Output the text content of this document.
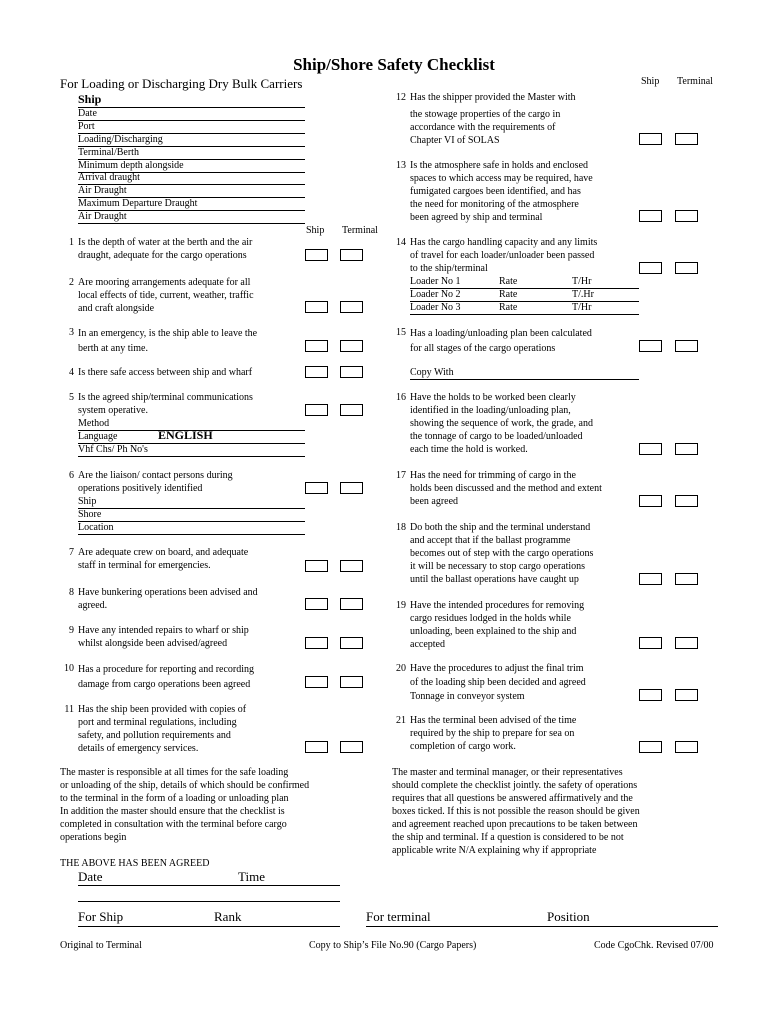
Ship/Shore Safety Checklist
For Loading or Discharging Dry Bulk Carriers	Ship Terminal
Ship
Date
Port
Loading/Discharging
Terminal/Berth
Minimum depth alongside
Arrival draught
Air Draught
Maximum Departure Draught
Air Draught
Ship Terminal
1 Is the depth of water at the berth and the air
draught, adequate for the cargo operations
2 Are mooring arrangements adequate for all
local effects of tide, current, weather, traffic
and craft alongside
3 In an emergency, is the ship able to leave the
berth at any time.
4 Is there safe access between ship and wharf
5 Is the agreed ship/terminal communications
system operative.
Method
Language	ENGLISH
Vhf Chs/ Ph No's
6 Are the liaison/ contact persons during
operations positively identified
Ship
Shore
Location
7 Are adequate crew on board, and adequate
staff in terminal for emergencies.
8 Have bunkering operations been advised and
agreed.
9 Have any intended repairs to wharf or ship
whilst alongside been advised/agreed
10 Has a procedure for reporting and recording
damage from cargo operations been agreed
11 Has the ship been provided with copies of
port and terminal regulations, including
safety, and pollution requirements and
details of emergency services.
12 Has the shipper provided the Master with
the stowage properties of the cargo in
accordance with the requirements of
Chapter VI of SOLAS
13 Is the atmosphere safe in holds and enclosed
spaces to which access may be required, have
fumigated cargoes been identified, and has
the need for monitoring of the atmosphere
been agreed by ship and terminal
14 Has the cargo handling capacity and any limits
of travel for each loader/unloader been passed
to the ship/terminal
Loader No 1	Rate	T/Hr
Loader No 2	Rate	T/.Hr
Loader No 3	Rate	T/Hr
15 Has a loading/unloading plan been calculated
for all stages of the cargo operations
Copy With
16 Have the holds to be worked been clearly
identified in the loading/unloading plan,
showing the sequence of work, the grade, and
the tonnage of cargo to be loaded/unloaded
each time the hold is worked.
17 Has the need for trimming of cargo in the
holds been discussed and the method and extent
been agreed
18 Do both the ship and the terminal understand
and accept that if the ballast programme
becomes out of step with the cargo operations
it will be necessary to stop cargo operations
until the ballast operations have caught up
19 Have the intended procedures for removing
cargo residues lodged in the holds while
unloading, been explained to the ship and
accepted
20 Have the procedures to adjust the final trim
of the loading ship been decided and agreed
Tonnage in conveyor system
21 Has the terminal been advised of the time
required by the ship to prepare for sea on
completion of cargo work.
The master is responsible at all times for the safe loading
or unloading of the ship, details of which should be confirmed
to the terminal in the form of a loading or unloading plan
In addition the master should ensure that the checklist is
completed in consultation with the terminal before cargo
operations begin
The master and terminal manager, or their representatives
should complete the checklist jointly. the safety of operations
requires that all questions be answered affirmatively and the
boxes ticked. If this is not possible the reason should be given
and agreement reached upon precautions to be taken between
the ship and terminal. If a question is considered to be not
applicable write N/A explaining why if appropriate
THE ABOVE HAS BEEN AGREED
Date	Time
For Ship	Rank	For terminal	Position
Original to Terminal	Copy to Ship’s File No.90 (Cargo Papers)	Code CgoChk. Revised 07/00
